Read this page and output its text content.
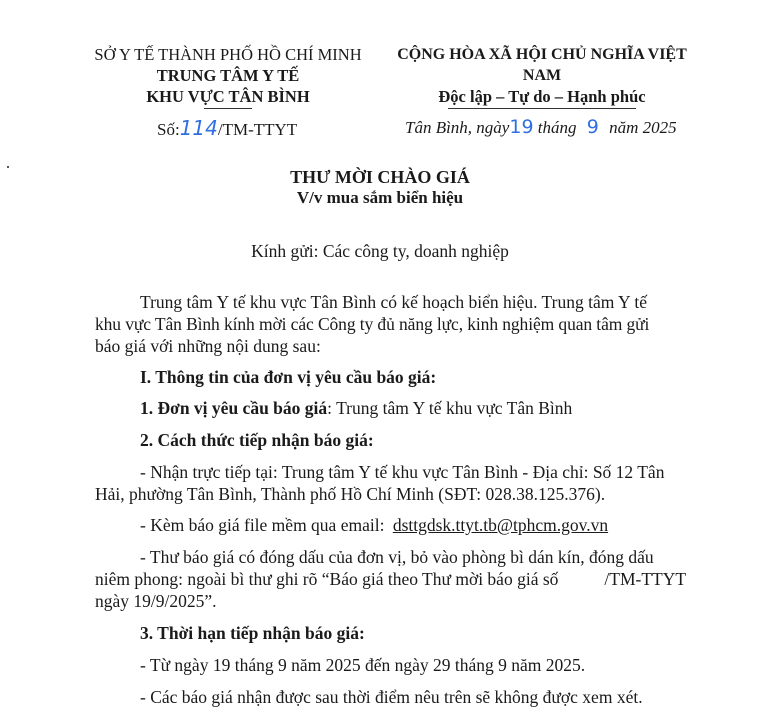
SỞ Y TẾ THÀNH PHỐ HỒ CHÍ MINH
TRUNG TÂM Y TẾ
KHU VỰC TÂN BÌNH
CỘNG HÒA XÃ HỘI CHỦ NGHĨA VIỆT NAM
Độc lập – Tự do – Hạnh phúc
Số:114/TM-TTYT	Tân Bình, ngày19 tháng 9 năm 2025
THƯ MỜI CHÀO GIÁ
V/v mua sắm biển hiệu
Kính gửi: Các công ty, doanh nghiệp
Trung tâm Y tế khu vực Tân Bình có kế hoạch biển hiệu. Trung tâm Y tế
khu vực Tân Bình kính mời các Công ty đủ năng lực, kinh nghiệm quan tâm gửi
báo giá với những nội dung sau:
I. Thông tin của đơn vị yêu cầu báo giá:
1. Đơn vị yêu cầu báo giá: Trung tâm Y tế khu vực Tân Bình
2. Cách thức tiếp nhận báo giá:
- Nhận trực tiếp tại: Trung tâm Y tế khu vực Tân Bình - Địa chỉ: Số 12 Tân
Hải, phường Tân Bình, Thành phố Hồ Chí Minh (SĐT: 028.38.125.376).
- Kèm báo giá file mềm qua email: dsttgdsk.ttyt.tb@tphcm.gov.vn
- Thư báo giá có đóng dấu của đơn vị, bỏ vào phòng bì dán kín, đóng dấu
niêm phong: ngoài bì thư ghi rõ “Báo giá theo Thư mời báo giá số	/TM-TTYT
ngày 19/9/2025”.
3. Thời hạn tiếp nhận báo giá:
- Từ ngày 19 tháng 9 năm 2025 đến ngày 29 tháng 9 năm 2025.
- Các báo giá nhận được sau thời điểm nêu trên sẽ không được xem xét.
